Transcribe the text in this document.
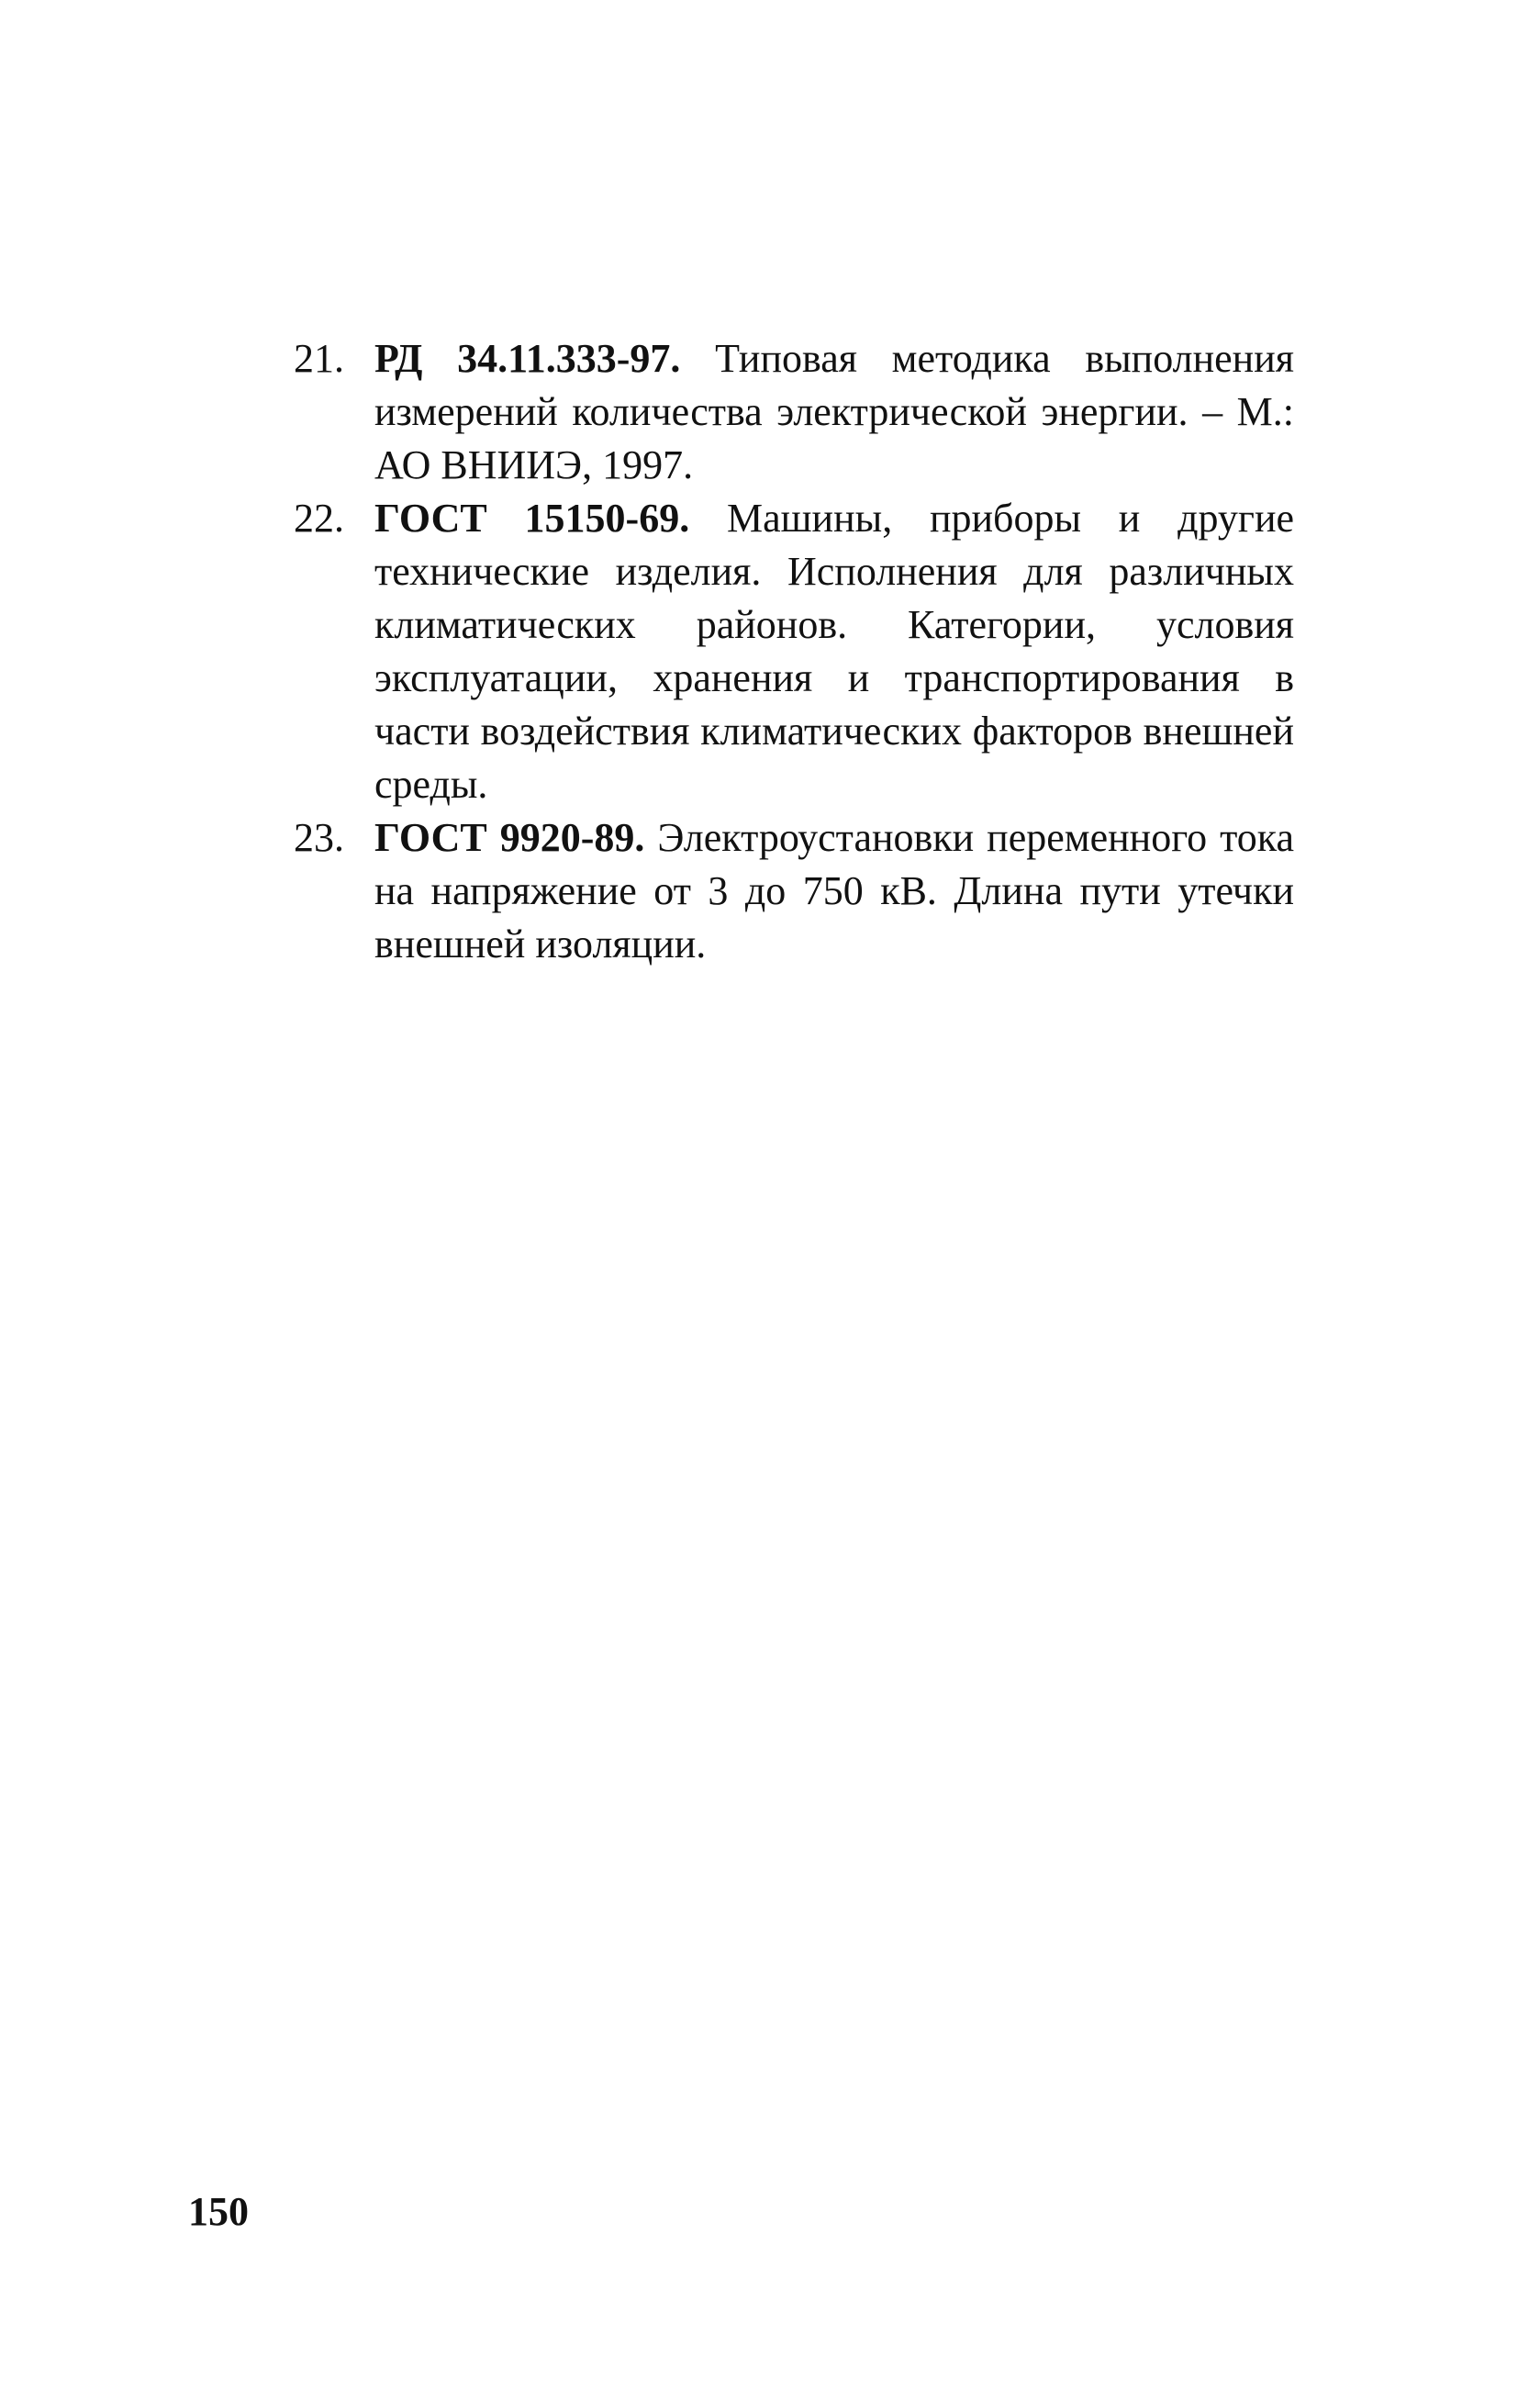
21. РД 34.11.333-97. Типовая методика выполнения измерений количества электрической энергии. – М.: АО ВНИИЭ, 1997.
22. ГОСТ 15150-69. Машины, приборы и другие технические изделия. Исполнения для различных климатических районов. Категории, условия эксплуатации, хранения и транспортирования в части воздействия климатических факторов внешней среды.
23. ГОСТ 9920-89. Электроустановки переменного тока на напряжение от 3 до 750 кВ. Длина пути утечки внешней изоляции.
150
